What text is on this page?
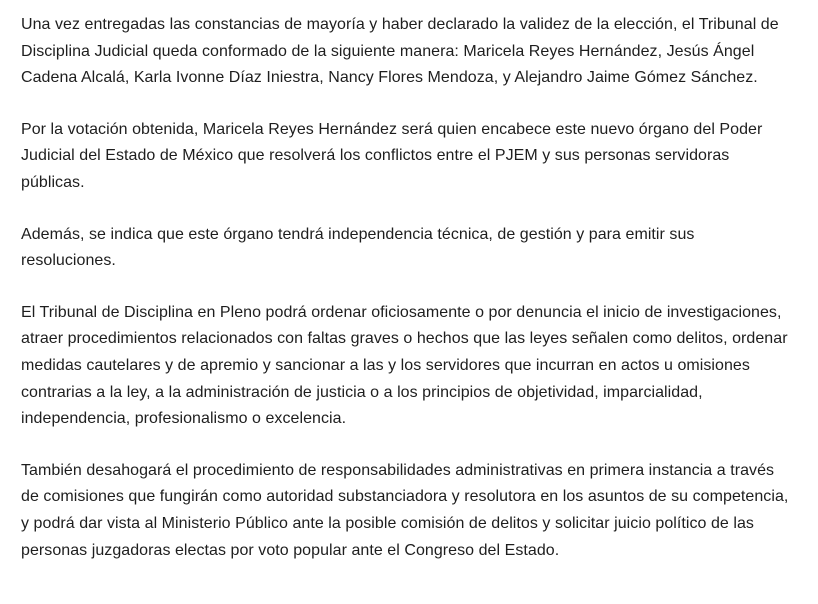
Una vez entregadas las constancias de mayoría y haber declarado la validez de la elección, el Tribunal de Disciplina Judicial queda conformado de la siguiente manera: Maricela Reyes Hernández, Jesús Ángel Cadena Alcalá, Karla Ivonne Díaz Iniestra, Nancy Flores Mendoza, y Alejandro Jaime Gómez Sánchez.

Por la votación obtenida, Maricela Reyes Hernández será quien encabece este nuevo órgano del Poder Judicial del Estado de México que resolverá los conflictos entre el PJEM y sus personas servidoras públicas.

Además, se indica que este órgano tendrá independencia técnica, de gestión y para emitir sus resoluciones.

El Tribunal de Disciplina en Pleno podrá ordenar oficiosamente o por denuncia el inicio de investigaciones, atraer procedimientos relacionados con faltas graves o hechos que las leyes señalen como delitos, ordenar medidas cautelares y de apremio y sancionar a las y los servidores que incurran en actos u omisiones contrarias a la ley, a la administración de justicia o a los principios de objetividad, imparcialidad, independencia, profesionalismo o excelencia.

También desahogará el procedimiento de responsabilidades administrativas en primera instancia a través de comisiones que fungirán como autoridad substanciadora y resolutora en los asuntos de su competencia, y podrá dar vista al Ministerio Público ante la posible comisión de delitos y solicitar juicio político de las personas juzgadoras electas por voto popular ante el Congreso del Estado.
